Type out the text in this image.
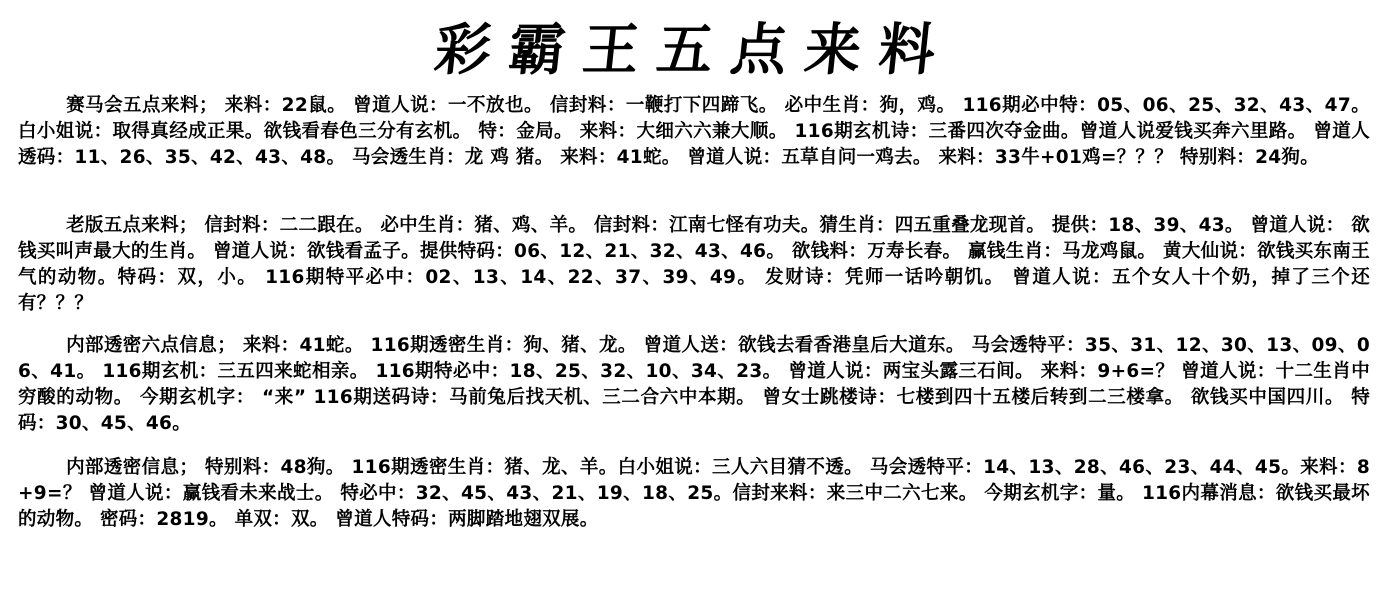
彩霸王五点来料
赛马会五点来料； 来料：22鼠。 曾道人说：一不放也。 信封料：一鞭打下四蹄飞。 必中生肖：狗，鸡。 116期必中特：05、06、25、32、43、47。白小姐说：取得真经成正果。欲钱看春色三分有玄机。 特：金局。 来料：大细六六兼大顺。 116期玄机诗：三番四次夺金曲。曾道人说爱钱买奔六里路。 曾道人透码：11、26、35、42、43、48。 马会透生肖：龙 鸡 猪。 来料：41蛇。 曾道人说：五草自问一鸡去。 来料：33牛+01鸡=？？？ 特别料：24狗。
老版五点来料； 信封料：二二跟在。 必中生肖：猪、鸡、羊。 信封料：江南七怪有功夫。猜生肖：四五重叠龙现首。 提供：18、39、43。 曾道人说： 欲钱买叫声最大的生肖。 曾道人说：欲钱看孟子。提供特码：06、12、21、32、43、46。 欲钱料：万寿长春。 赢钱生肖：马龙鸡鼠。 黄大仙说：欲钱买东南王气的动物。特码：双，小。 116期特平必中：02、13、14、22、37、39、49。 发财诗：凭师一话吟朝饥。 曾道人说：五个女人十个奶，掉了三个还有？？？
内部透密六点信息； 来料：41蛇。 116期透密生肖：狗、猪、龙。 曾道人送：欲钱去看香港皇后大道东。 马会透特平：35、31、12、30、13、09、06、41。 116期玄机：三五四来蛇相亲。 116期特必中：18、25、32、10、34、23。 曾道人说：两宝头露三石间。 来料：9+6=？ 曾道人说：十二生肖中穷酸的动物。 今期玄机字： “来” 116期送码诗：马前兔后找天机、三二合六中本期。 曾女士跳楼诗：七楼到四十五楼后转到二三楼拿。 欲钱买中国四川。 特码：30、45、46。
内部透密信息； 特别料：48狗。 116期透密生肖：猪、龙、羊。白小姐说：三人六目猜不透。 马会透特平：14、13、28、46、23、44、45。来料：8+9=？ 曾道人说：赢钱看未来战士。 特必中：32、45、43、21、19、18、25。信封来料：来三中二六七来。 今期玄机字：量。 116内幕消息：欲钱买最坏的动物。 密码：2819。 单双：双。 曾道人特码：两脚踏地翅双展。
